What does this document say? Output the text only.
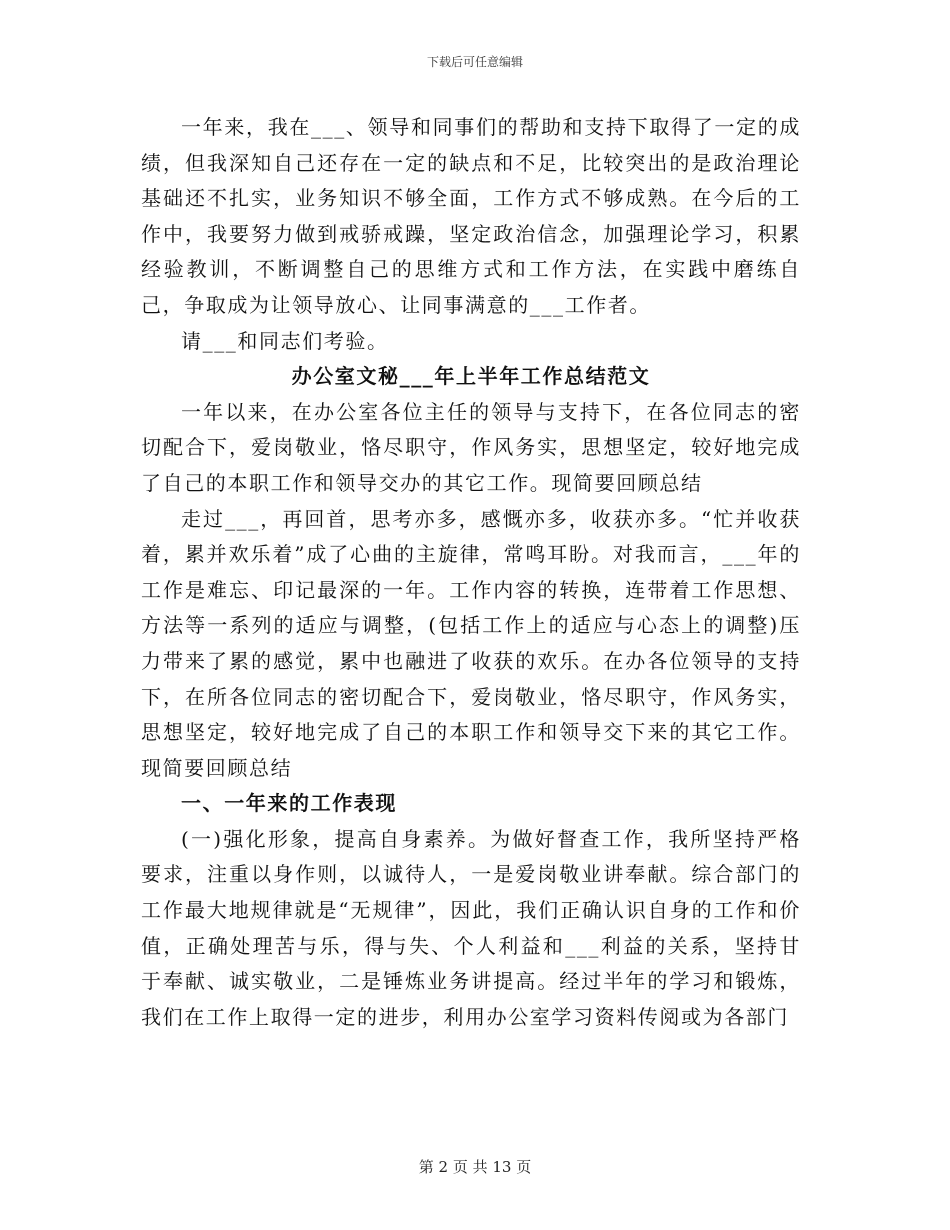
下载后可任意编辑

一年来，我在___、领导和同事们的帮助和支持下取得了一定的成绩，但我深知自己还存在一定的缺点和不足，比较突出的是政治理论基础还不扎实，业务知识不够全面，工作方式不够成熟。在今后的工作中，我要努力做到戒骄戒躁，坚定政治信念，加强理论学习，积累经验教训，不断调整自己的思维方式和工作方法，在实践中磨练自己，争取成为让领导放心、让同事满意的___工作者。

请___和同志们考验。

办公室文秘___年上半年工作总结范文

一年以来，在办公室各位主任的领导与支持下，在各位同志的密切配合下，爱岗敬业，恪尽职守，作风务实，思想坚定，较好地完成了自己的本职工作和领导交办的其它工作。现简要回顾总结

走过___，再回首，思考亦多，感慨亦多，收获亦多。“忙并收获着，累并欢乐着”成了心曲的主旋律，常鸣耳盼。对我而言，___年的工作是难忘、印记最深的一年。工作内容的转换，连带着工作思想、方法等一系列的适应与调整，(包括工作上的适应与心态上的调整)压力带来了累的感觉，累中也融进了收获的欢乐。在办各位领导的支持下，在所各位同志的密切配合下，爱岗敬业，恪尽职守，作风务实，思想坚定，较好地完成了自己的本职工作和领导交下来的其它工作。现简要回顾总结

一、一年来的工作表现

(一)强化形象，提高自身素养。为做好督查工作，我所坚持严格要求，注重以身作则，以诚待人，一是爱岗敬业讲奉献。综合部门的工作最大地规律就是“无规律”，因此，我们正确认识自身的工作和价值，正确处理苦与乐，得与失、个人利益和___利益的关系，坚持甘于奉献、诚实敬业，二是锤炼业务讲提高。经过半年的学习和锻炼，我们在工作上取得一定的进步，利用办公室学习资料传阅或为各部门

第 2 页 共 13 页
